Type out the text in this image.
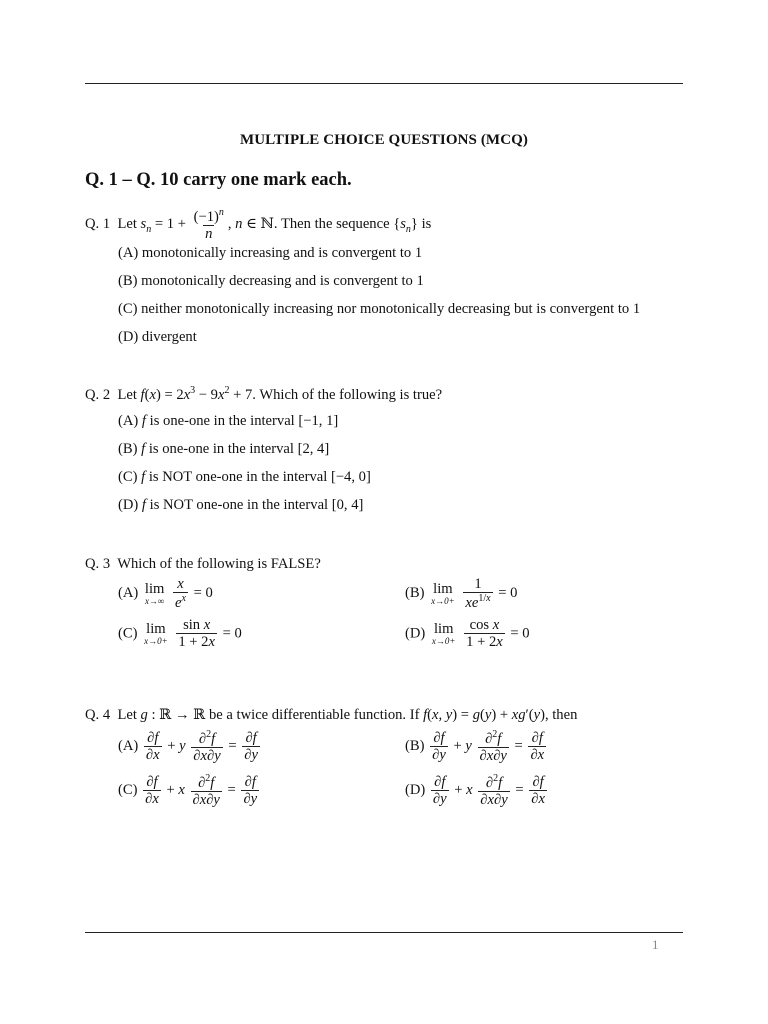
MULTIPLE CHOICE QUESTIONS (MCQ)
Q. 1 – Q. 10 carry one mark each.
Q. 1 Let $s_n = 1 + \frac{(-1)^n}{n}$ , n ∈ ℕ. Then the sequence $\{s_n\}$ is
(A) monotonically increasing and is convergent to 1
(B) monotonically decreasing and is convergent to 1
(C) neither monotonically increasing nor monotonically decreasing but is convergent to 1
(D) divergent
Q. 2 Let $f(x) = 2x^3 - 9x^2 + 7$. Which of the following is true?
(A) f is one-one in the interval [−1, 1]
(B) f is one-one in the interval [2, 4]
(C) f is NOT one-one in the interval [−4, 0]
(D) f is NOT one-one in the interval [0, 4]
Q. 3 Which of the following is FALSE?
(A) lim
x→∞
$\frac{x}{e^x} = 0$	(B) lim
x→0+
$\frac{1}{xe^{1/x}} = 0$
(C) lim
x→0+
$\frac{\text{sin x}}{1 + 2x} = 0$	(D) lim
x→0+
$\frac{\text{cos x}}{1 + 2x} = 0$
Q. 4 Let g : ℝ → ℝ be a twice differentiable function. If f(x, y) = g(y) + xg′(y), then
$(A) \frac{\partial f}{\partial x} + y \frac{\partial^2f}{\partial x\partial y} = \frac{\partial f}{\partial y}$	$(B) \frac{\partial f}{\partial y} + y \frac{\partial^2f}{\partial x\partial y} = \frac{\partial f}{\partial x}$
$(C) \frac{\partial f}{\partial x} + x \frac{\partial^2f}{\partial x\partial y} = \frac{\partial f}{\partial y}$	$(D) \frac{\partial f}{\partial y} + x \frac{\partial^2f}{\partial x\partial y} = \frac{\partial f}{\partial x}$
1
